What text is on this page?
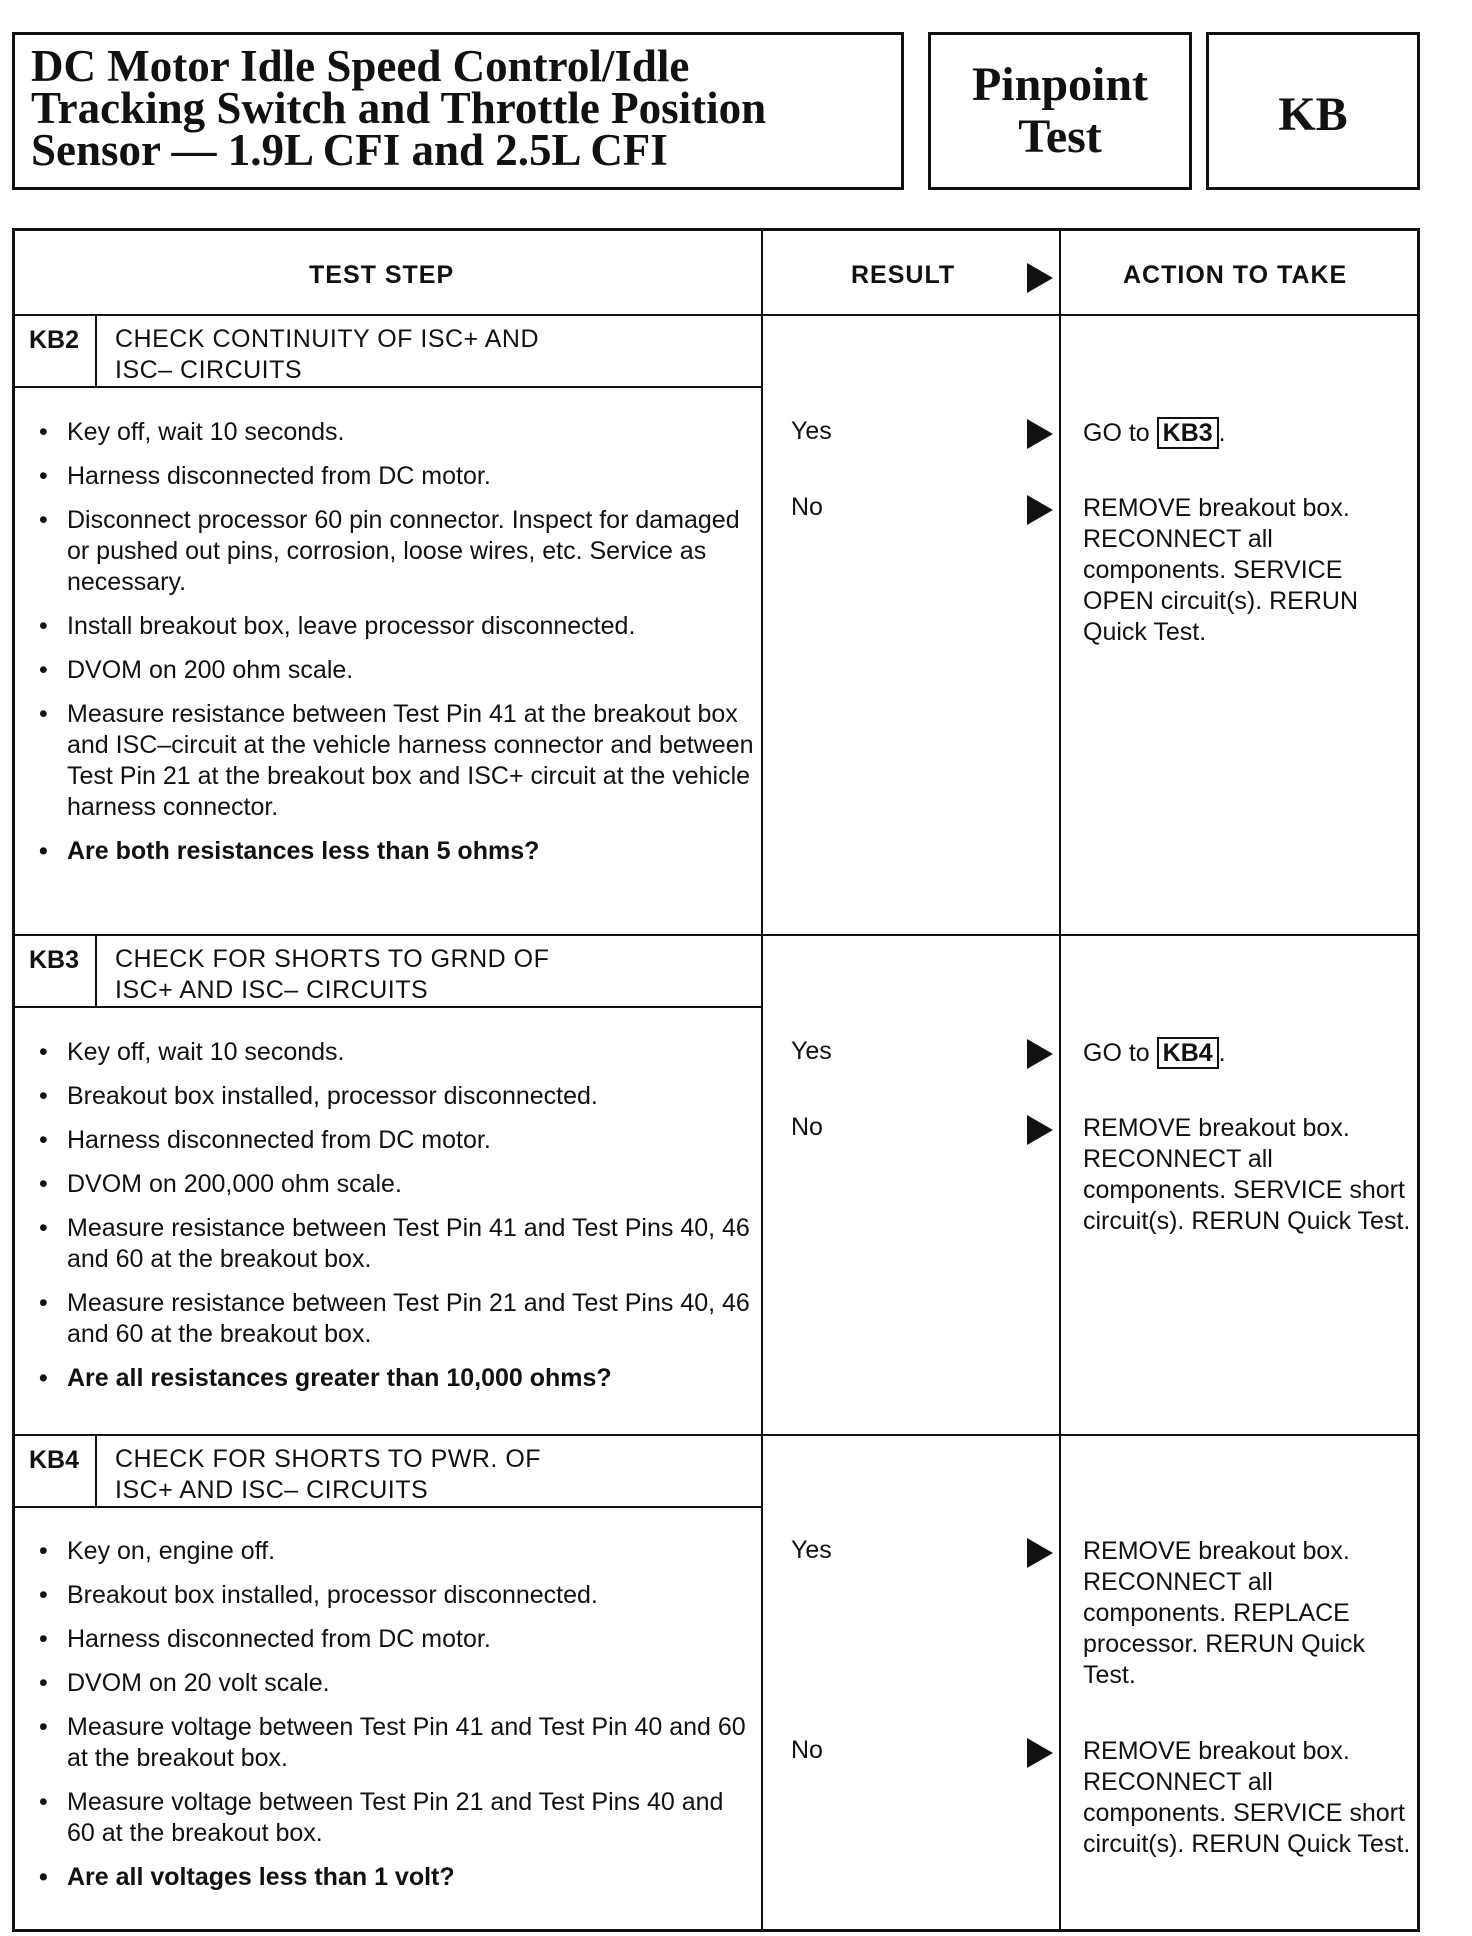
DC Motor Idle Speed Control/Idle
Tracking Switch and Throttle Position
Sensor — 1.9L CFI and 2.5L CFI
Pinpoint
Test	KB
TEST STEP	RESULT	ACTION TO TAKE
KB2	CHECK CONTINUITY OF ISC+ AND
ISC– CIRCUITS
• Key off, wait 10 seconds.
• Harness disconnected from DC motor.
• Disconnect processor 60 pin connector. Inspect for damaged or pushed out pins, corrosion, loose wires, etc. Service as necessary.
• Install breakout box, leave processor disconnected.
• DVOM on 200 ohm scale.
• Measure resistance between Test Pin 41 at the breakout box and ISC–circuit at the vehicle harness connector and between Test Pin 21 at the breakout box and ISC+ circuit at the vehicle harness connector.
• Are both resistances less than 5 ohms?
Yes	GO to KB3 .
No	REMOVE breakout box. RECONNECT all components. SERVICE OPEN circuit(s). RERUN Quick Test.
KB3	CHECK FOR SHORTS TO GRND OF
ISC+ AND ISC– CIRCUITS
• Key off, wait 10 seconds.
• Breakout box installed, processor disconnected.
• Harness disconnected from DC motor.
• DVOM on 200,000 ohm scale.
• Measure resistance between Test Pin 41 and Test Pins 40, 46 and 60 at the breakout box.
• Measure resistance between Test Pin 21 and Test Pins 40, 46 and 60 at the breakout box.
• Are all resistances greater than 10,000 ohms?
Yes	GO to KB4 .
No	REMOVE breakout box. RECONNECT all components. SERVICE short circuit(s). RERUN Quick Test.
KB4	CHECK FOR SHORTS TO PWR. OF
ISC+ AND ISC– CIRCUITS
• Key on, engine off.
• Breakout box installed, processor disconnected.
• Harness disconnected from DC motor.
• DVOM on 20 volt scale.
• Measure voltage between Test Pin 41 and Test Pin 40 and 60 at the breakout box.
• Measure voltage between Test Pin 21 and Test Pins 40 and 60 at the breakout box.
• Are all voltages less than 1 volt?
Yes	REMOVE breakout box. RECONNECT all components. REPLACE processor. RERUN Quick Test.
No	REMOVE breakout box. RECONNECT all components. SERVICE short circuit(s). RERUN Quick Test.
